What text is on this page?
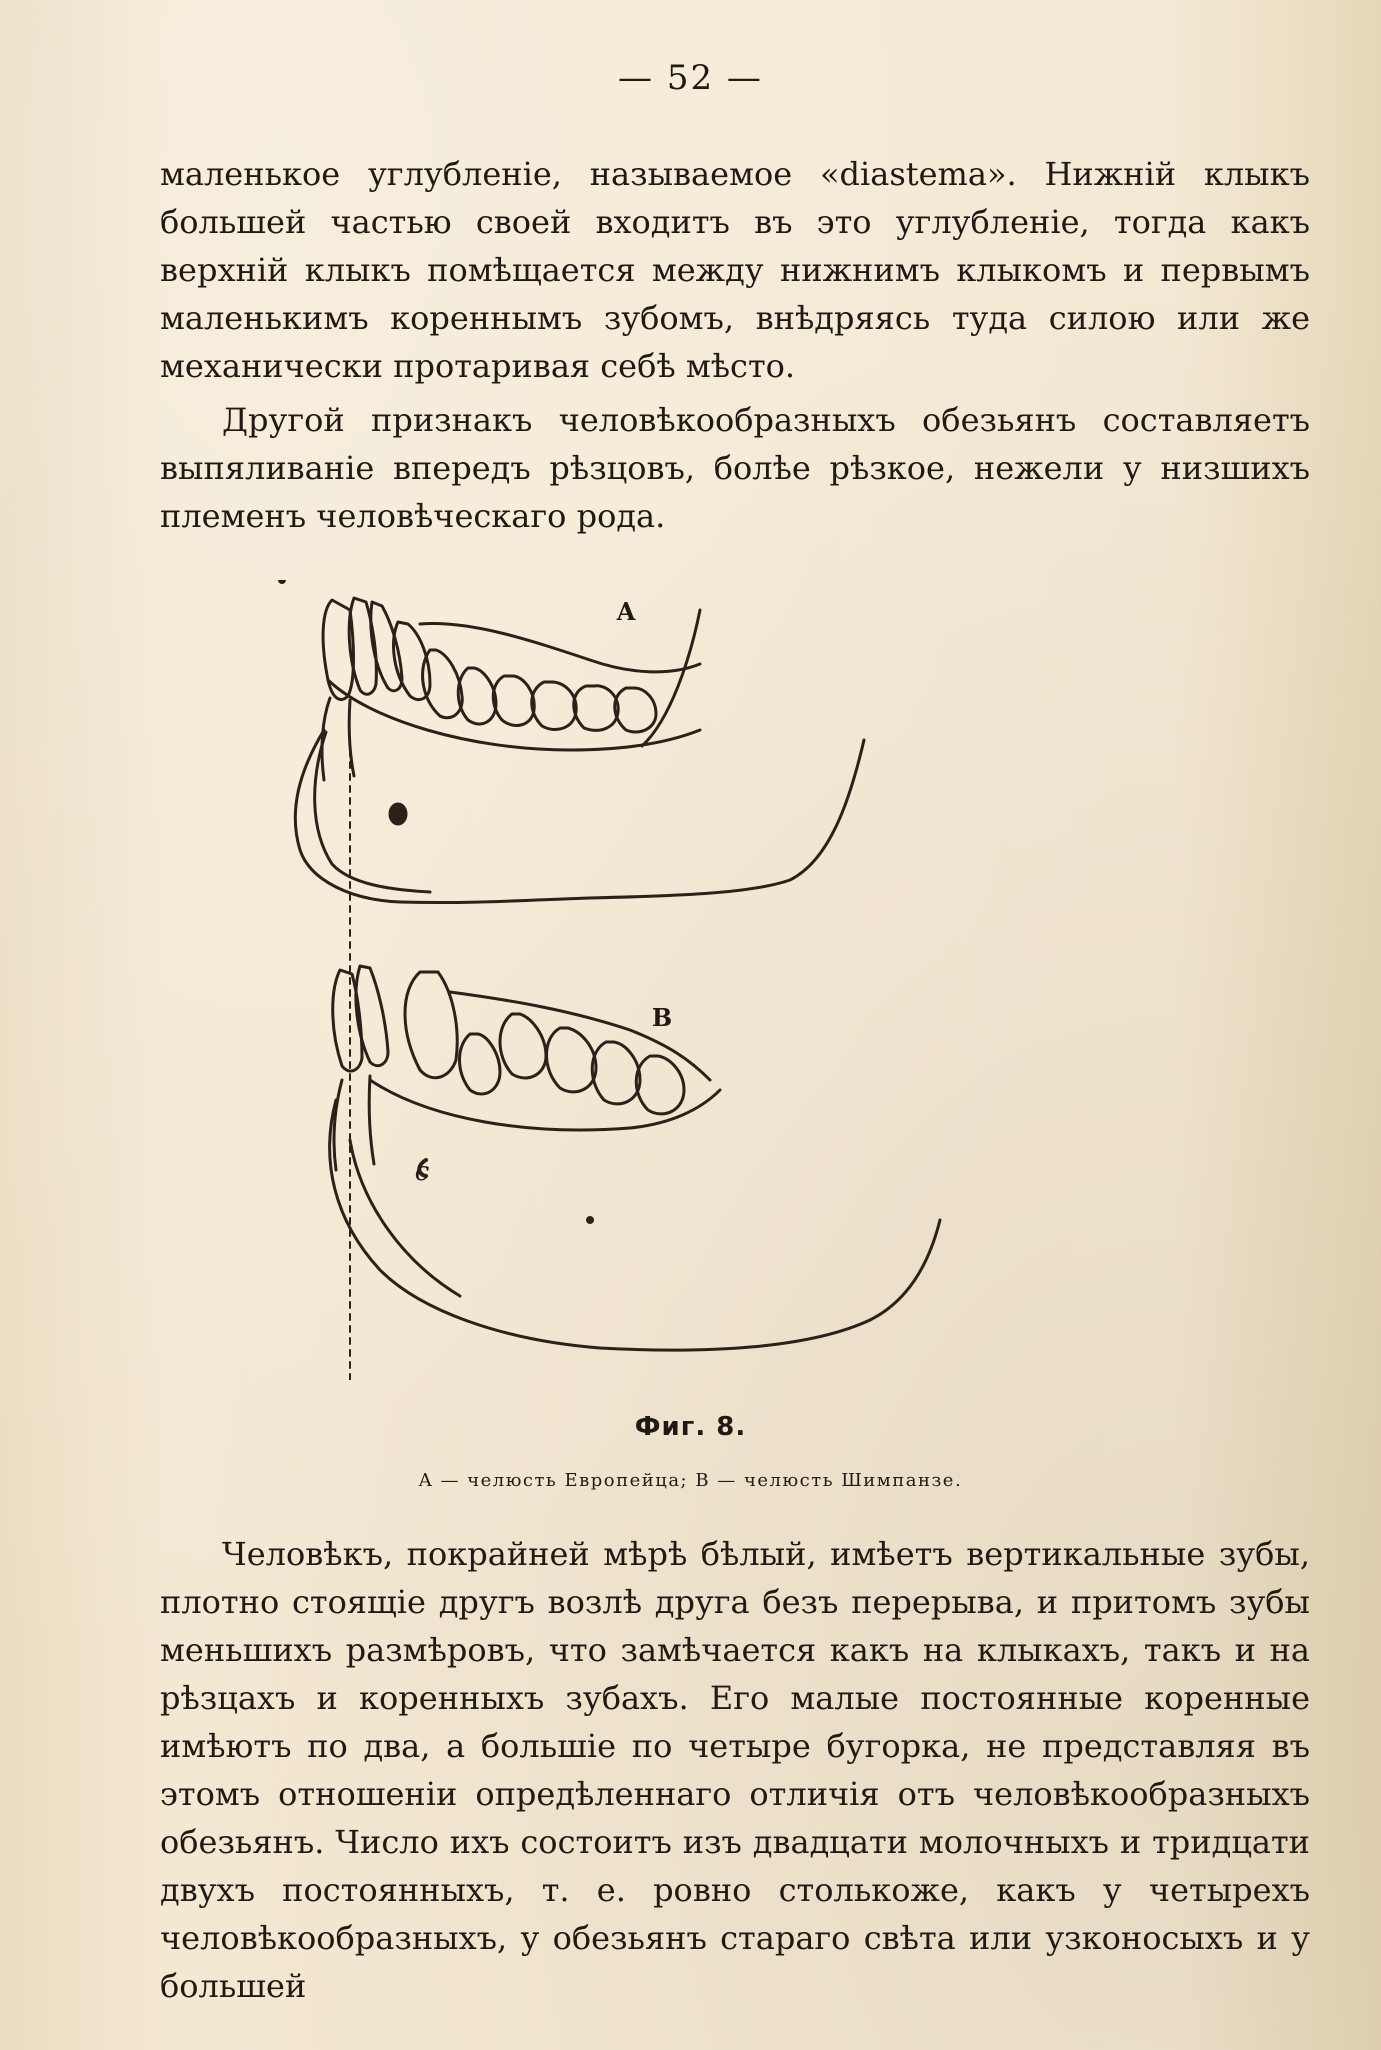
— 52 —

маленькое углубленіе, называемое «diastema». Нижній клыкъ большей частью своей входитъ въ это углубленіе, тогда какъ верхній клыкъ помѣщается между нижнимъ клыкомъ и первымъ маленькимъ кореннымъ зубомъ, внѣдряясь туда силою или же механически протаривая себѣ мѣсто.

Другой признакъ человѣкообразныхъ обезьянъ составляетъ выпяливаніе впередъ рѣзцовъ, болѣе рѣзкое, нежели у низшихъ племенъ человѣческаго рода.

A
B
c
Фиг. 8.
A — челюсть Европейца; B — челюсть Шимпанзе.

Человѣкъ, покрайней мѣрѣ бѣлый, имѣетъ вертикальные зубы, плотно стоящіе другъ возлѣ друга безъ перерыва, и притомъ зубы меньшихъ размѣровъ, что замѣчается какъ на клыкахъ, такъ и на рѣзцахъ и коренныхъ зубахъ. Его малые постоянные коренные имѣютъ по два, а большіе по четыре бугорка, не представляя въ этомъ отношеніи опредѣленнаго отличія отъ человѣкообразныхъ обезьянъ. Число ихъ состоитъ изъ двадцати молочныхъ и тридцати двухъ постоянныхъ, т. е. ровно столькоже, какъ у четырехъ человѣкообразныхъ, у обезьянъ стараго свѣта или узконосыхъ и у большей
